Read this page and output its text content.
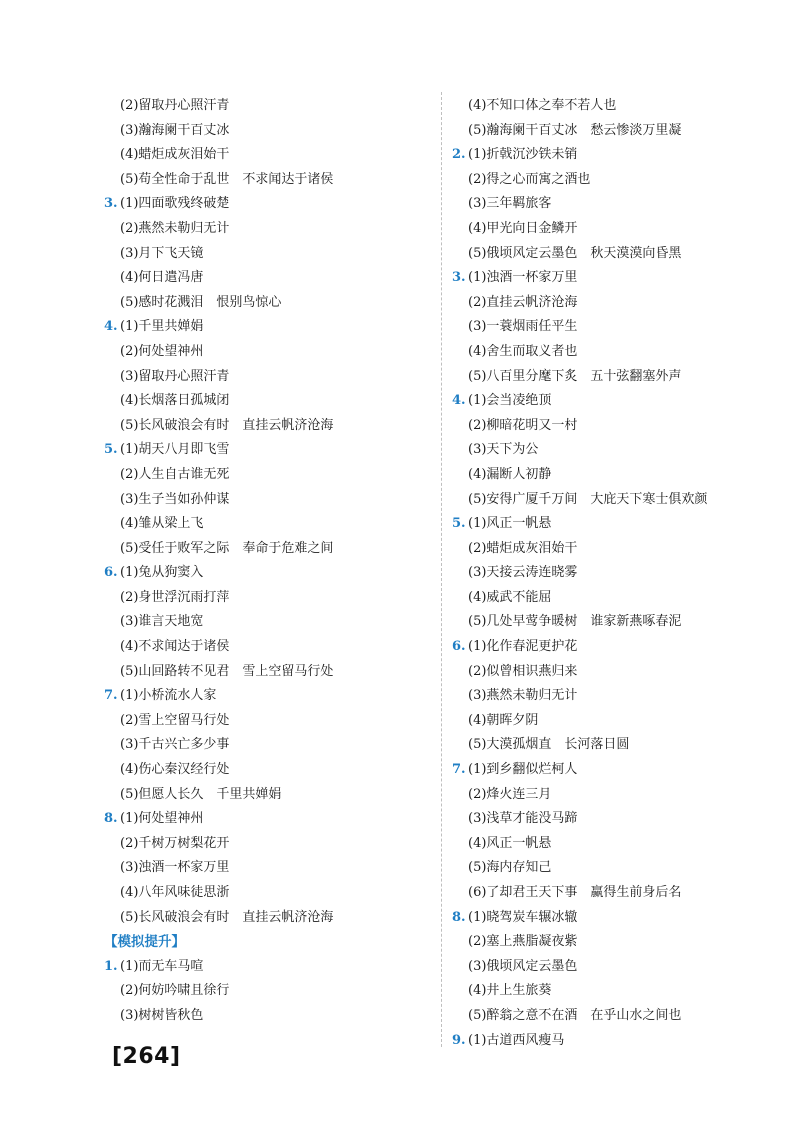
(2)留取丹心照汗青
(3)瀚海阑干百丈冰
(4)蜡炬成灰泪始干
(5)苟全性命于乱世　不求闻达于诸侯
3. (1)四面歌残终破楚
(2)燕然未勒归无计
(3)月下飞天镜
(4)何日遣冯唐
(5)感时花溅泪　恨别鸟惊心
4. (1)千里共婵娟
(2)何处望神州
(3)留取丹心照汗青
(4)长烟落日孤城闭
(5)长风破浪会有时　直挂云帆济沧海
5. (1)胡天八月即飞雪
(2)人生自古谁无死
(3)生子当如孙仲谋
(4)雏从梁上飞
(5)受任于败军之际　奉命于危难之间
6. (1)兔从狗窦入
(2)身世浮沉雨打萍
(3)谁言天地宽
(4)不求闻达于诸侯
(5)山回路转不见君　雪上空留马行处
7. (1)小桥流水人家
(2)雪上空留马行处
(3)千古兴亡多少事
(4)伤心秦汉经行处
(5)但愿人长久　千里共婵娟
8. (1)何处望神州
(2)千树万树梨花开
(3)浊酒一杯家万里
(4)八年风味徒思浙
(5)长风破浪会有时　直挂云帆济沧海
【模拟提升】
1. (1)而无车马喧
(2)何妨吟啸且徐行
(3)树树皆秋色
(4)不知口体之奉不若人也
(5)瀚海阑干百丈冰　愁云惨淡万里凝
2. (1)折戟沉沙铁未销
(2)得之心而寓之酒也
(3)三年羁旅客
(4)甲光向日金鳞开
(5)俄顷风定云墨色　秋天漠漠向昏黑
3. (1)浊酒一杯家万里
(2)直挂云帆济沧海
(3)一蓑烟雨任平生
(4)舍生而取义者也
(5)八百里分麾下炙　五十弦翻塞外声
4. (1)会当凌绝顶
(2)柳暗花明又一村
(3)天下为公
(4)漏断人初静
(5)安得广厦千万间　大庇天下寒士俱欢颜
5. (1)风正一帆悬
(2)蜡炬成灰泪始干
(3)天接云涛连晓雾
(4)威武不能屈
(5)几处早莺争暖树　谁家新燕啄春泥
6. (1)化作春泥更护花
(2)似曾相识燕归来
(3)燕然未勒归无计
(4)朝晖夕阴
(5)大漠孤烟直　长河落日圆
7. (1)到乡翻似烂柯人
(2)烽火连三月
(3)浅草才能没马蹄
(4)风正一帆悬
(5)海内存知己
(6)了却君王天下事　赢得生前身后名
8. (1)晓驾炭车辗冰辙
(2)塞上燕脂凝夜紫
(3)俄顷风定云墨色
(4)井上生旅葵
(5)醉翁之意不在酒　在乎山水之间也
9. (1)古道西风瘦马
[264]
